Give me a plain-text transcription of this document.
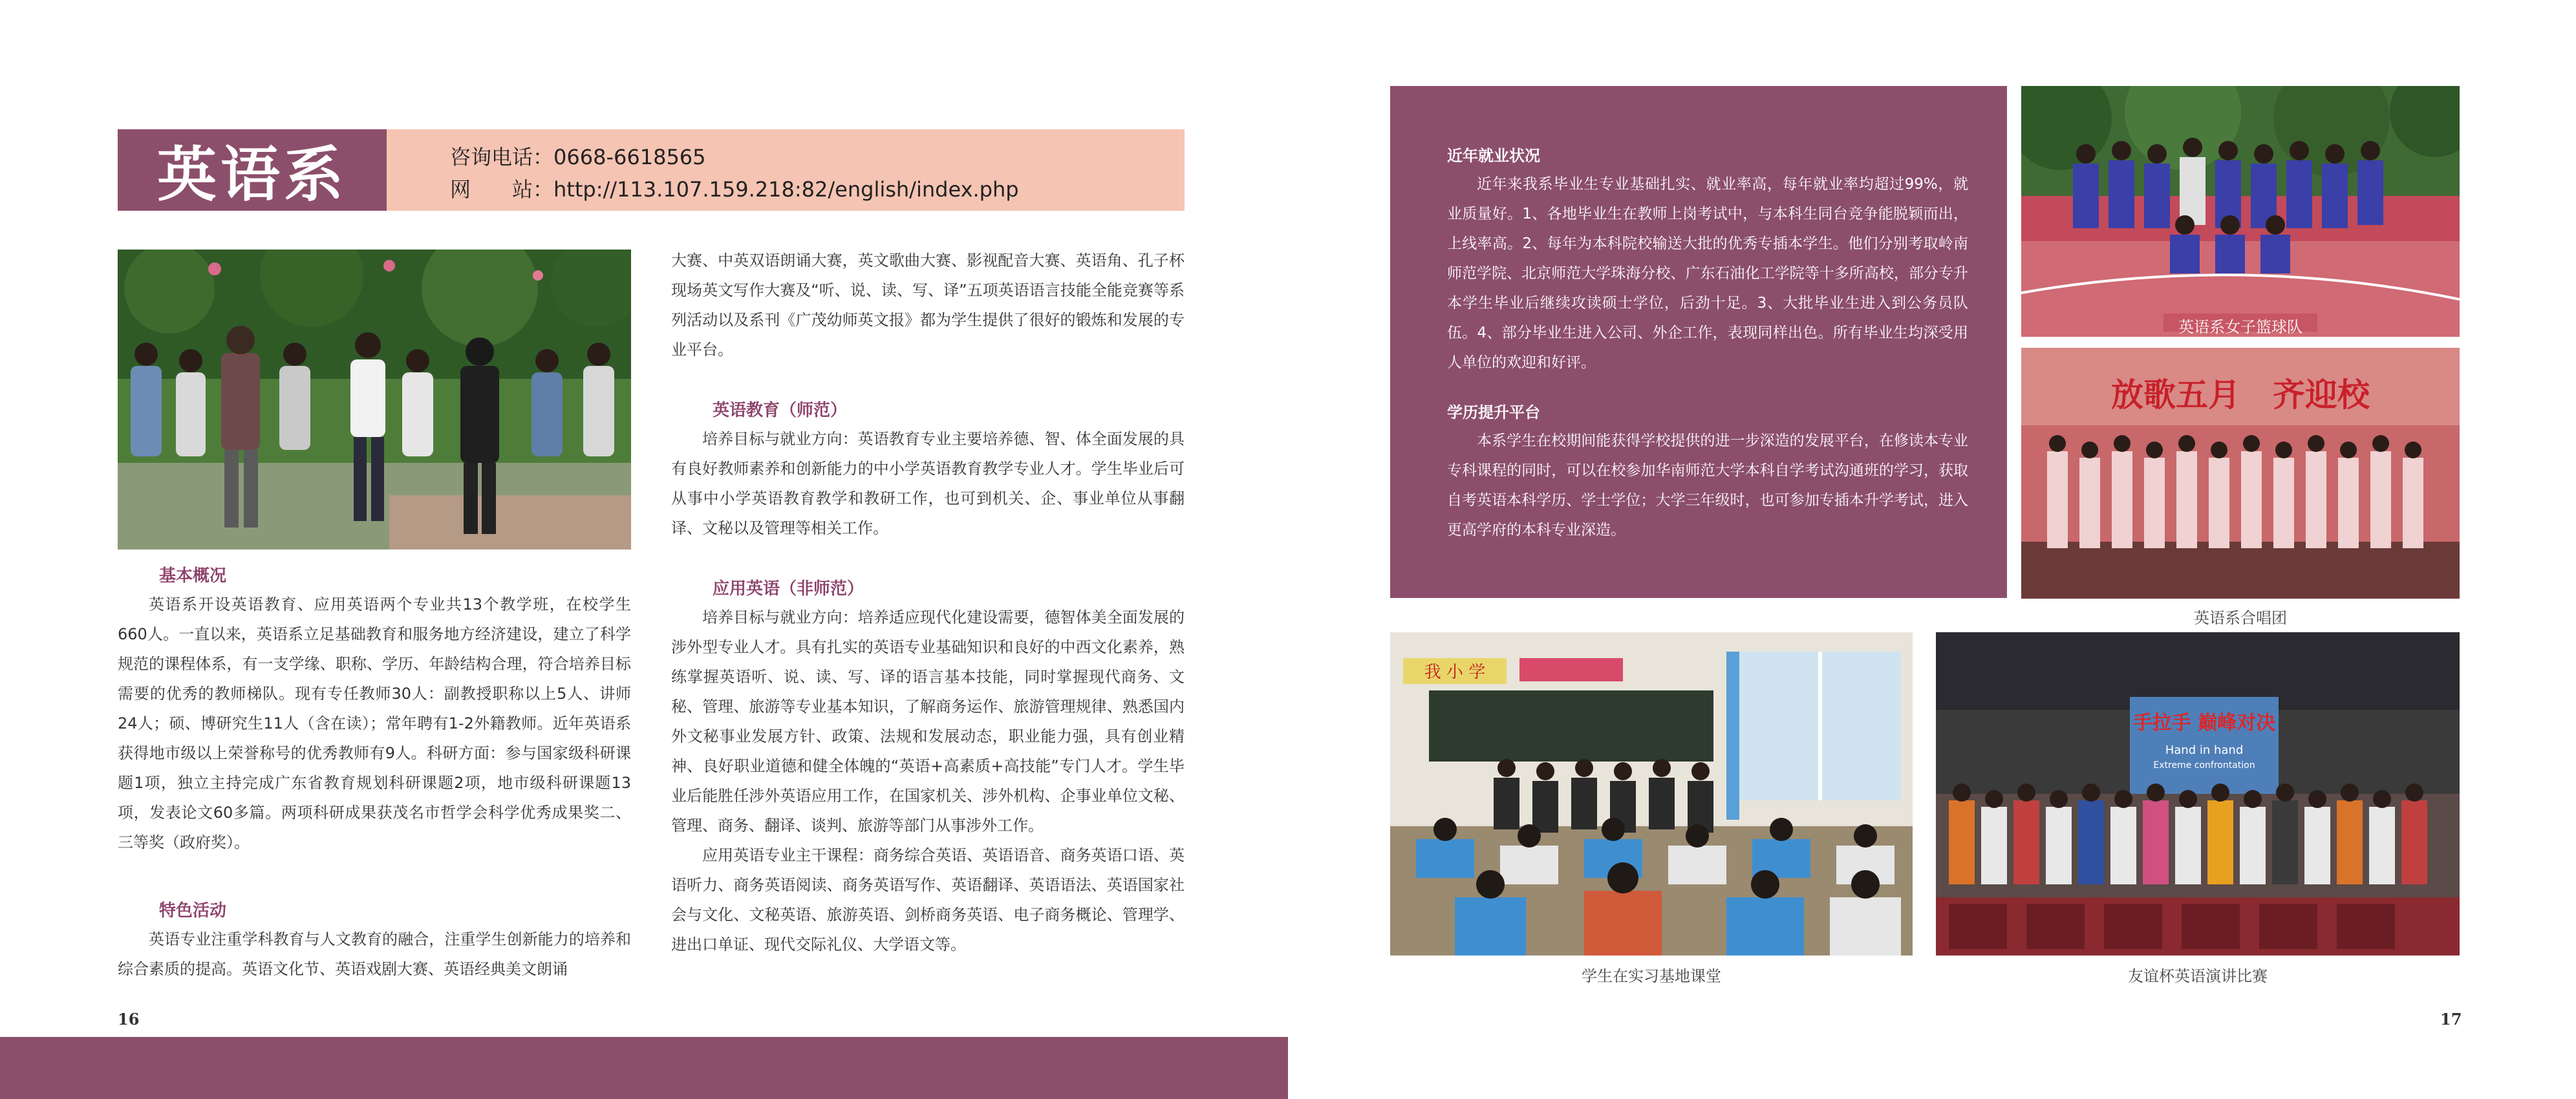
英语系	咨询电话：0668-6618565
网　　站：http://113.107.159.218:82/english/index.php
基本概况

英语系开设英语教育、应用英语两个专业共13个教学班，在校学生660人。一直以来，英语系立足基础教育和服务地方经济建设，建立了科学规范的课程体系，有一支学缘、职称、学历、年龄结构合理，符合培养目标需要的优秀的教师梯队。现有专任教师30人：副教授职称以上5人、讲师24人；硕、博研究生11人（含在读）；常年聘有1-2外籍教师。近年英语系获得地市级以上荣誉称号的优秀教师有9人。科研方面：参与国家级科研课题1项，独立主持完成广东省教育规划科研课题2项，地市级科研课题13项，发表论文60多篇。两项科研成果获茂名市哲学会科学优秀成果奖二、三等奖（政府奖）。

特色活动

英语专业注重学科教育与人文教育的融合，注重学生创新能力的培养和综合素质的提高。英语文化节、英语戏剧大赛、英语经典美文朗诵

大赛、中英双语朗诵大赛，英文歌曲大赛、影视配音大赛、英语角、孔子杯现场英文写作大赛及“听、说、读、写、译”五项英语语言技能全能竞赛等系列活动以及系刊《广茂幼师英文报》都为学生提供了很好的锻炼和发展的专业平台。

英语教育（师范）

培养目标与就业方向：英语教育专业主要培养德、智、体全面发展的具有良好教师素养和创新能力的中小学英语教育教学专业人才。学生毕业后可从事中小学英语教育教学和教研工作，也可到机关、企、事业单位从事翻译、文秘以及管理等相关工作。

应用英语（非师范）

培养目标与就业方向：培养适应现代化建设需要，德智体美全面发展的涉外型专业人才。具有扎实的英语专业基础知识和良好的中西文化素养，熟练掌握英语听、说、读、写、译的语言基本技能，同时掌握现代商务、文秘、管理、旅游等专业基本知识，了解商务运作、旅游管理规律、熟悉国内外文秘事业发展方针、政策、法规和发展动态，职业能力强，具有创业精神、良好职业道德和健全体魄的“英语+高素质+高技能”专门人才。学生毕业后能胜任涉外英语应用工作，在国家机关、涉外机构、企事业单位文秘、管理、商务、翻译、谈判、旅游等部门从事涉外工作。

应用英语专业主干课程：商务综合英语、英语语音、商务英语口语、英语听力、商务英语阅读、商务英语写作、英语翻译、英语语法、英语国家社会与文化、文秘英语、旅游英语、剑桥商务英语、电子商务概论、管理学、进出口单证、现代交际礼仪、大学语文等。

16
近年就业状况

近年来我系毕业生专业基础扎实、就业率高，每年就业率均超过99%，就业质量好。1、各地毕业生在教师上岗考试中，与本科生同台竞争能脱颖而出，上线率高。2、每年为本科院校输送大批的优秀专插本学生。他们分别考取岭南师范学院、北京师范大学珠海分校、广东石油化工学院等十多所高校，部分专升本学生毕业后继续攻读硕士学位，后劲十足。3、大批毕业生进入到公务员队伍。4、部分毕业生进入公司、外企工作，表现同样出色。所有毕业生均深受用人单位的欢迎和好评。

学历提升平台

本系学生在校期间能获得学校提供的进一步深造的发展平台，在修读本专业专科课程的同时，可以在校参加华南师范大学本科自学考试沟通班的学习，获取自考英语本科学历、学士学位；大学三年级时，也可参加专插本升学考试，进入更高学府的本科专业深造。

英语系女子篮球队
放歌五月　齐迎校
英语系合唱团
我 小 学
学生在实习基地课堂
手拉手 巅峰对决
Hand in hand
Extreme confrontation
友谊杯英语演讲比赛
17
